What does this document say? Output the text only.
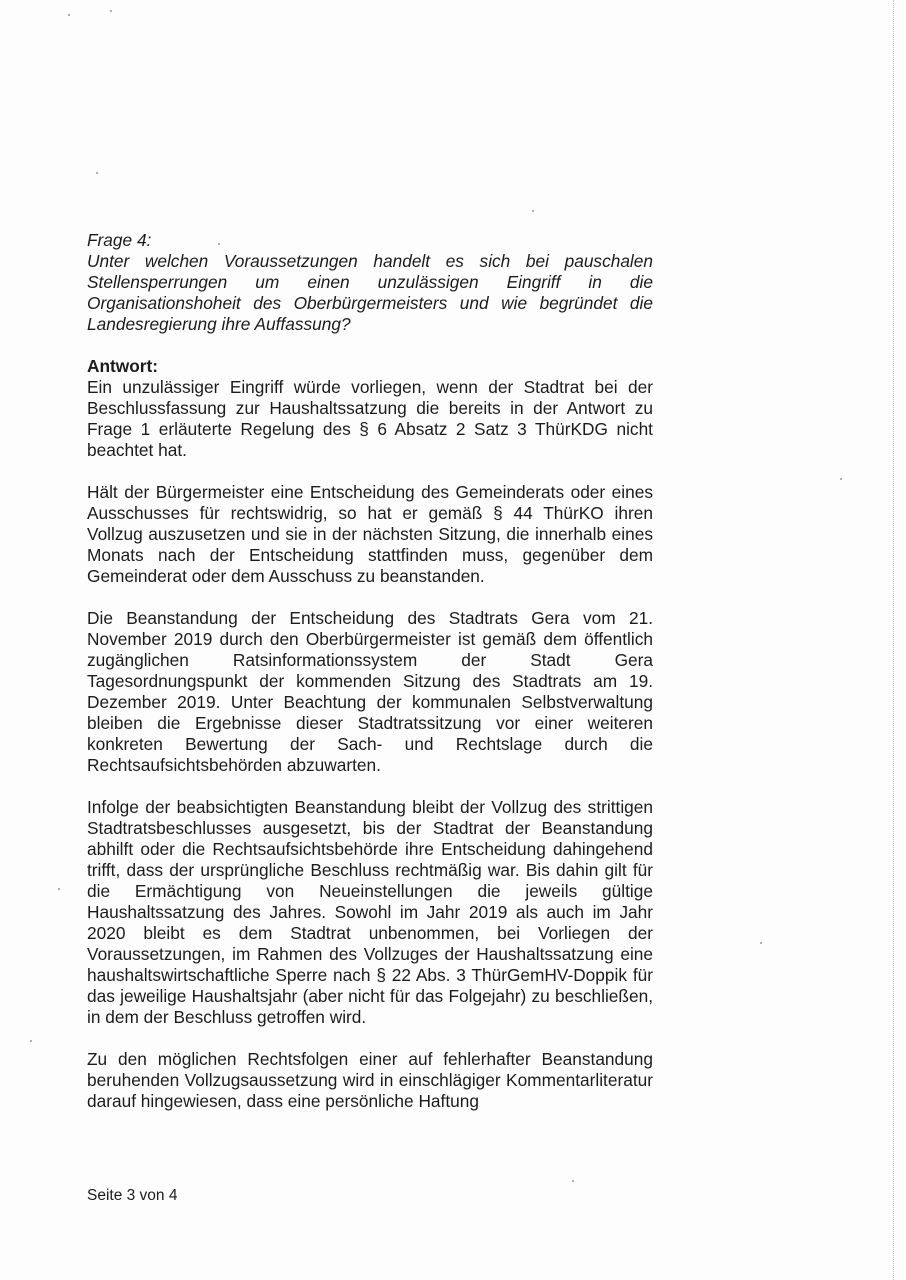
Frage 4:
Unter welchen Voraussetzungen handelt es sich bei pauschalen Stellensperrungen um einen unzulässigen Eingriff in die Organisationshoheit des Oberbürgermeisters und wie begründet die Landesregierung ihre Auffassung?
Antwort:

Ein unzulässiger Eingriff würde vorliegen, wenn der Stadtrat bei der Beschlussfassung zur Haushaltssatzung die bereits in der Antwort zu Frage 1 erläuterte Regelung des § 6 Absatz 2 Satz 3 ThürKDG nicht beachtet hat.

Hält der Bürgermeister eine Entscheidung des Gemeinderats oder eines Ausschusses für rechtswidrig, so hat er gemäß § 44 ThürKO ihren Vollzug auszusetzen und sie in der nächsten Sitzung, die innerhalb eines Monats nach der Entscheidung stattfinden muss, gegenüber dem Gemeinderat oder dem Ausschuss zu beanstanden.

Die Beanstandung der Entscheidung des Stadtrats Gera vom 21. November 2019 durch den Oberbürgermeister ist gemäß dem öffentlich zugänglichen Ratsinformationssystem der Stadt Gera Tagesordnungspunkt der kommenden Sitzung des Stadtrats am 19. Dezember 2019. Unter Beachtung der kommunalen Selbstverwaltung bleiben die Ergebnisse dieser Stadtratssitzung vor einer weiteren konkreten Bewertung der Sach- und Rechtslage durch die Rechtsaufsichtsbehörden abzuwarten.

Infolge der beabsichtigten Beanstandung bleibt der Vollzug des strittigen Stadtratsbeschlusses ausgesetzt, bis der Stadtrat der Beanstandung abhilft oder die Rechtsaufsichtsbehörde ihre Entscheidung dahingehend trifft, dass der ursprüngliche Beschluss rechtmäßig war. Bis dahin gilt für die Ermächtigung von Neueinstellungen die jeweils gültige Haushaltssatzung des Jahres. Sowohl im Jahr 2019 als auch im Jahr 2020 bleibt es dem Stadtrat unbenommen, bei Vorliegen der Voraussetzungen, im Rahmen des Vollzuges der Haushaltssatzung eine haushaltswirtschaftliche Sperre nach § 22 Abs. 3 ThürGemHV-Doppik für das jeweilige Haushaltsjahr (aber nicht für das Folgejahr) zu beschließen, in dem der Beschluss getroffen wird.

Zu den möglichen Rechtsfolgen einer auf fehlerhafter Beanstandung beruhenden Vollzugsaussetzung wird in einschlägiger Kommentarliteratur darauf hingewiesen, dass eine persönliche Haftung

Seite 3 von 4
